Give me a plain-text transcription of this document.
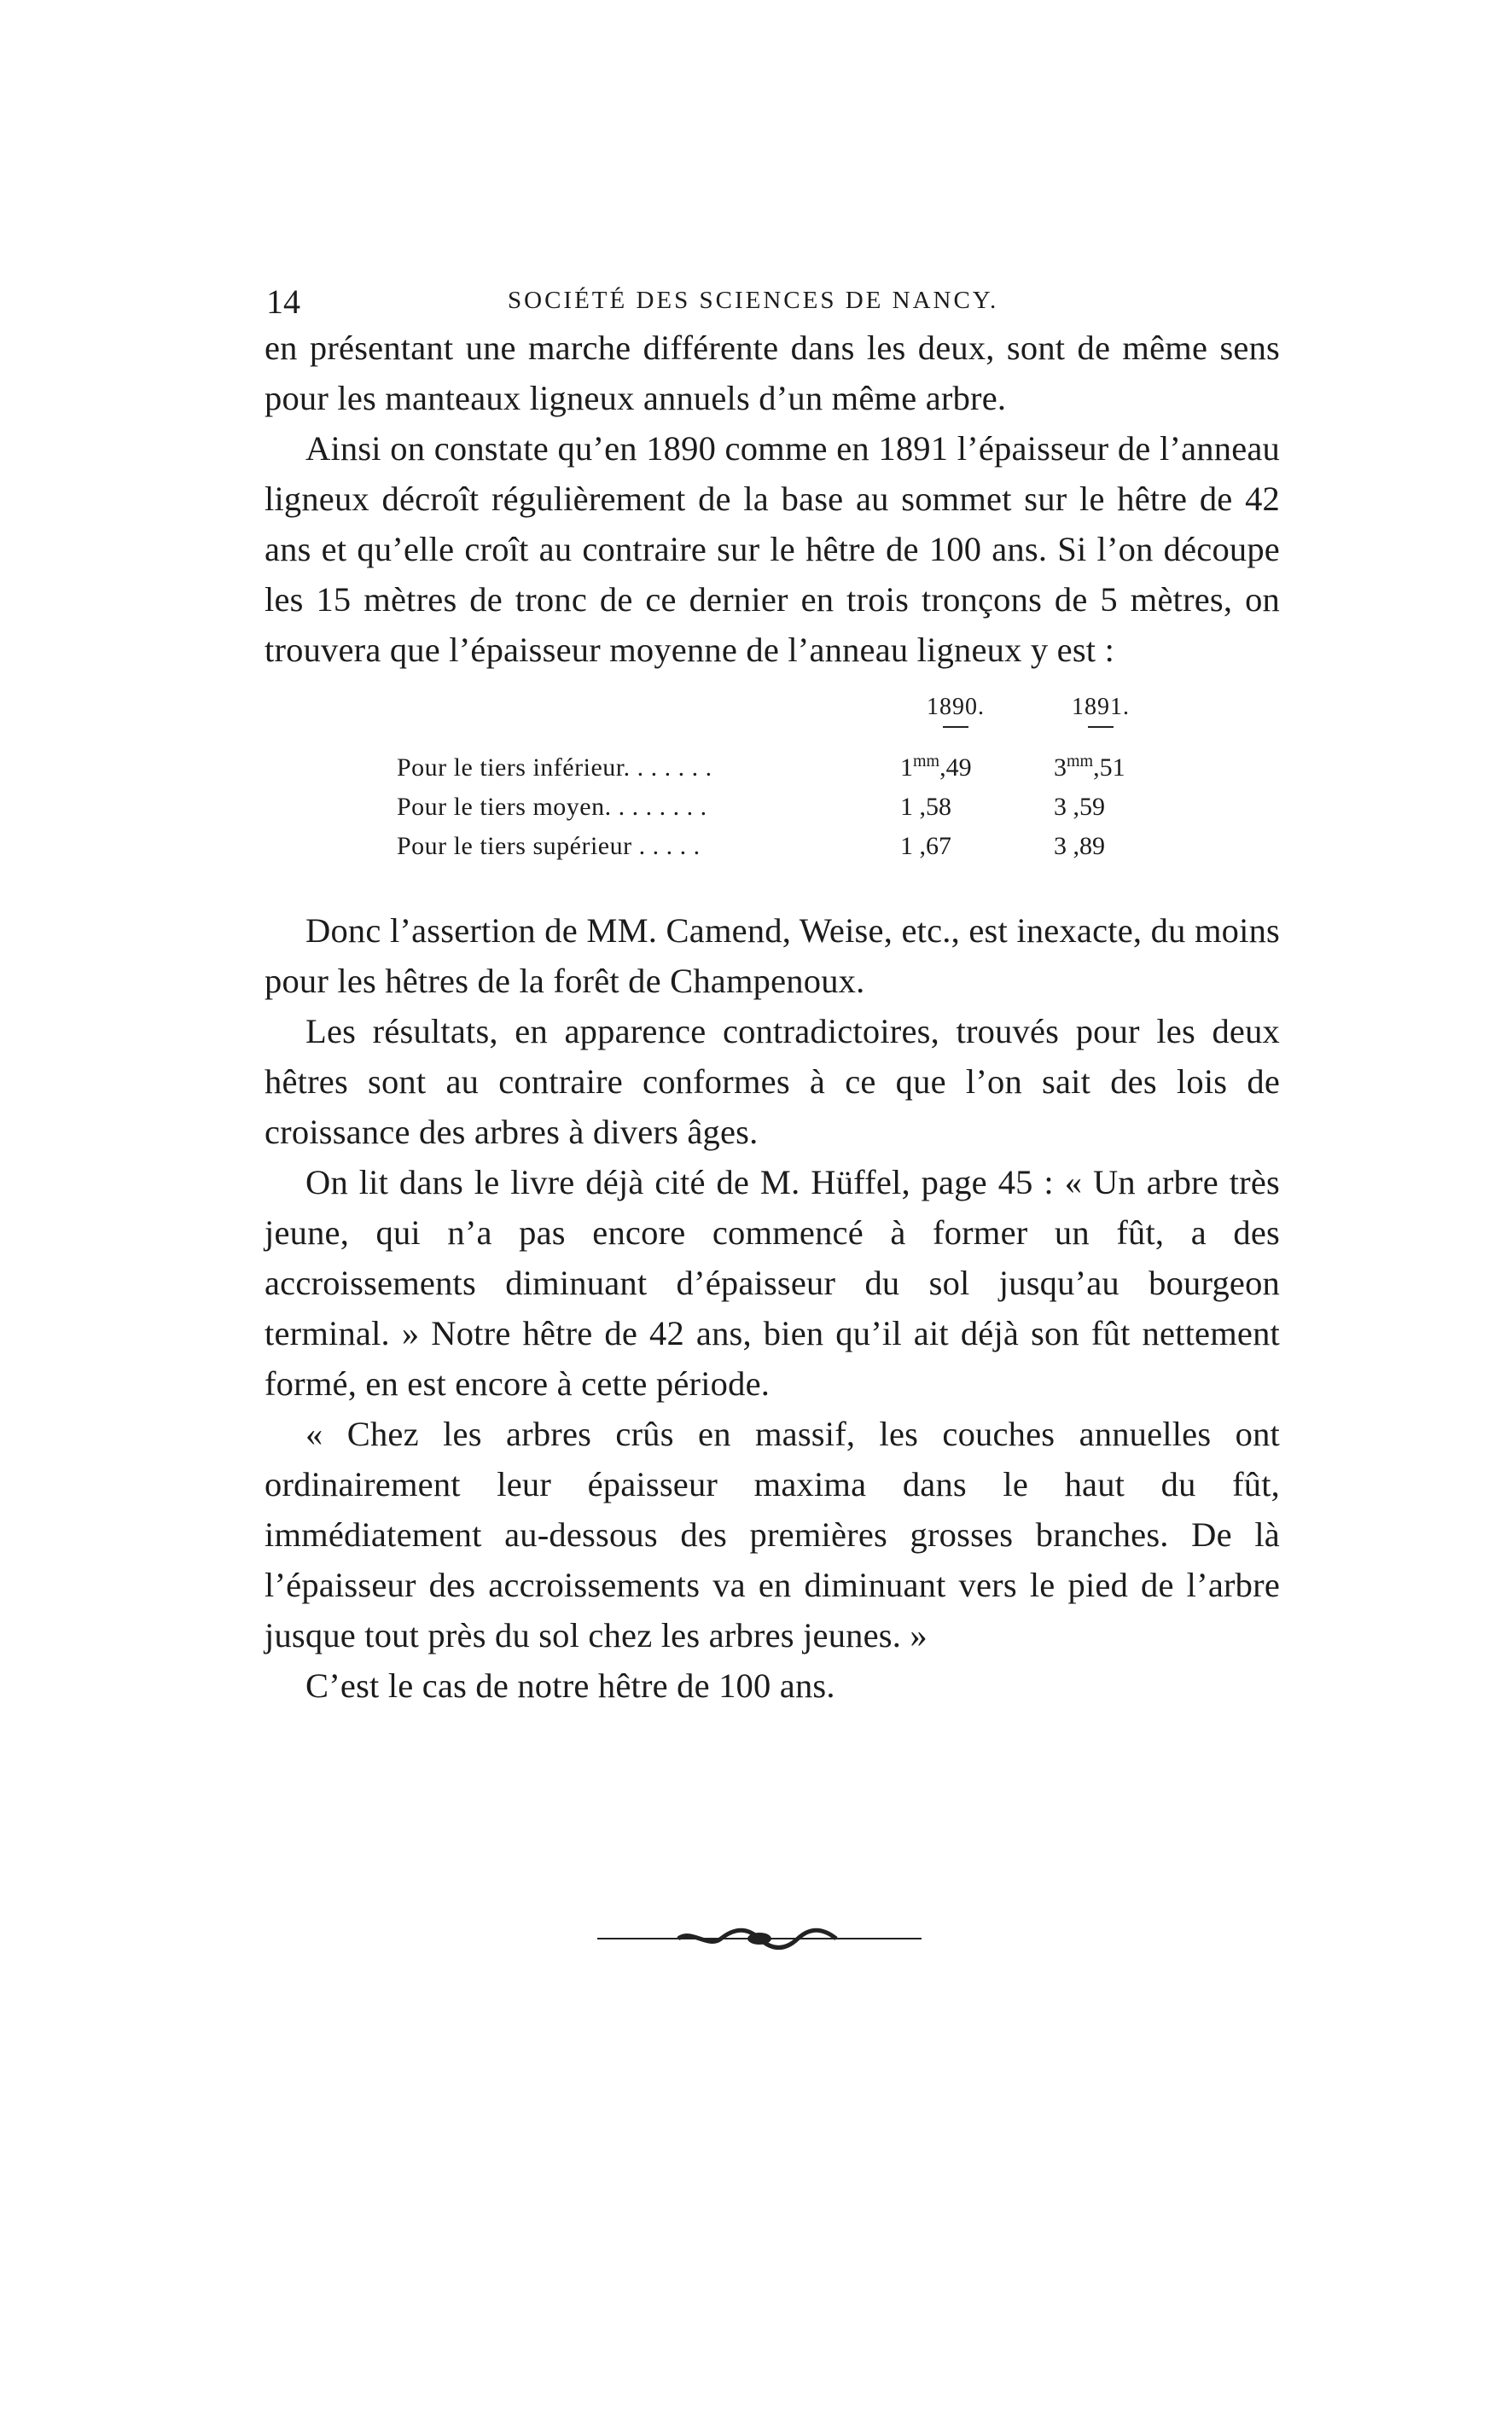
14	SOCIÉTÉ DES SCIENCES DE NANCY.

en présentant une marche différente dans les deux, sont de même sens pour les manteaux ligneux annuels d’un même arbre.

Ainsi on constate qu’en 1890 comme en 1891 l’épaisseur de l’anneau ligneux décroît régulièrement de la base au sommet sur le hêtre de 42 ans et qu’elle croît au contraire sur le hêtre de 100 ans. Si l’on découpe les 15 mètres de tronc de ce dernier en trois tronçons de 5 mètres, on trouvera que l’épaisseur moyenne de l’anneau ligneux y est :

1890.	1891.
Pour le tiers inférieur. . . . . . .	$1^{mm},49$	$3^{mm},51$
Pour le tiers moyen. . . . . . . .	1 ,58	3 ,59
Pour le tiers supérieur . . . . .	1 ,67	3 ,89

Donc l’assertion de MM. Camend, Weise, etc., est inexacte, du moins pour les hêtres de la forêt de Champenoux.

Les résultats, en apparence contradictoires, trouvés pour les deux hêtres sont au contraire conformes à ce que l’on sait des lois de croissance des arbres à divers âges.

On lit dans le livre déjà cité de M. Hüffel, page 45 : « Un arbre très jeune, qui n’a pas encore commencé à former un fût, a des accroissements diminuant d’épaisseur du sol jusqu’au bourgeon terminal. » Notre hêtre de 42 ans, bien qu’il ait déjà son fût nettement formé, en est encore à cette période.

« Chez les arbres crûs en massif, les couches annuelles ont ordinairement leur épaisseur maxima dans le haut du fût, immédiatement au-dessous des premières grosses branches. De là l’épaisseur des accroissements va en diminuant vers le pied de l’arbre jusque tout près du sol chez les arbres jeunes. »

C’est le cas de notre hêtre de 100 ans.
